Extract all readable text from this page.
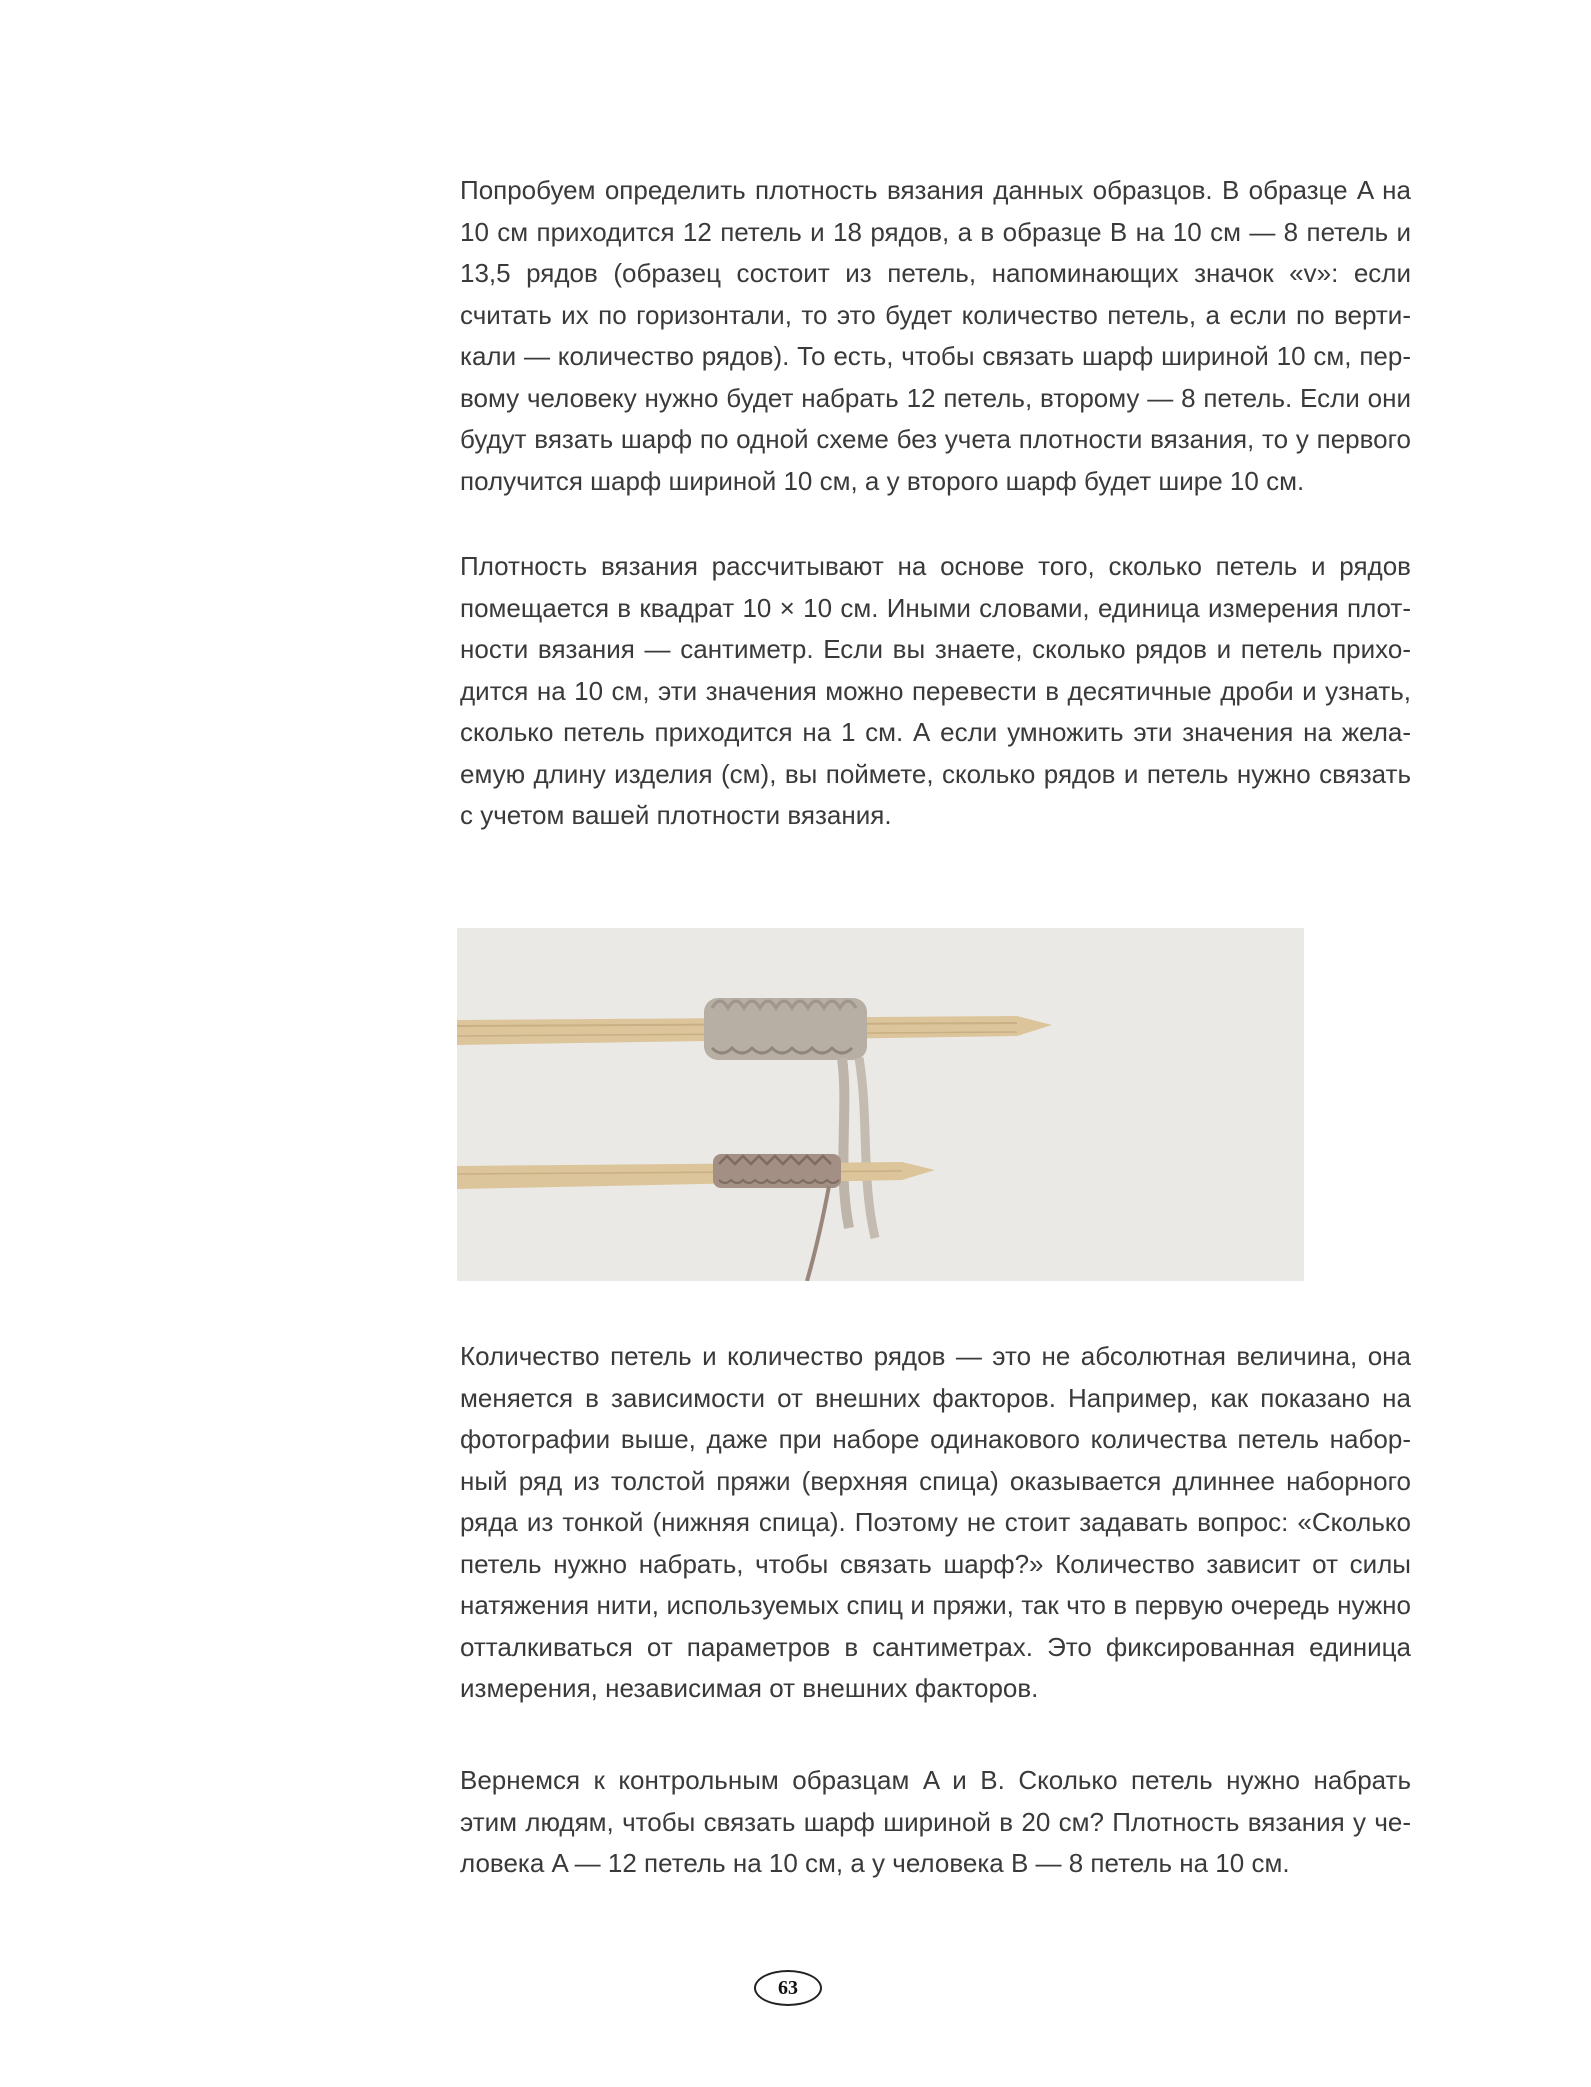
Попробуем определить плотность вязания данных образцов. В образце A на 10 см приходится 12 петель и 18 рядов, а в образце B на 10 см — 8 петель и 13,5 рядов (образец состоит из петель, напоминающих значок «v»: если считать их по горизонтали, то это будет количество петель, а если по вертикали — количество рядов). То есть, чтобы связать шарф шириной 10 см, первому человеку нужно будет набрать 12 петель, второму — 8 петель. Если они будут вязать шарф по одной схеме без учета плотности вязания, то у первого получится шарф шириной 10 см, а у второго шарф будет шире 10 см.

Плотность вязания рассчитывают на основе того, сколько петель и рядов помещается в квадрат 10 × 10 см. Иными словами, единица измерения плотности вязания — сантиметр. Если вы знаете, сколько рядов и петель приходится на 10 см, эти значения можно перевести в десятичные дроби и узнать, сколько петель приходится на 1 см. А если умножить эти значения на желаемую длину изделия (см), вы поймете, сколько рядов и петель нужно связать с учетом вашей плотности вязания.

Количество петель и количество рядов — это не абсолютная величина, она меняется в зависимости от внешних факторов. Например, как показано на фотографии выше, даже при наборе одинакового количества петель наборный ряд из толстой пряжи (верхняя спица) оказывается длиннее наборного ряда из тонкой (нижняя спица). Поэтому не стоит задавать вопрос: «Сколько петель нужно набрать, чтобы связать шарф?» Количество зависит от силы натяжения нити, используемых спиц и пряжи, так что в первую очередь нужно отталкиваться от параметров в сантиметрах. Это фиксированная единица измерения, независимая от внешних факторов.

Вернемся к контрольным образцам A и B. Сколько петель нужно набрать этим людям, чтобы связать шарф шириной в 20 см? Плотность вязания у человека A — 12 петель на 10 см, а у человека B — 8 петель на 10 см.

63
